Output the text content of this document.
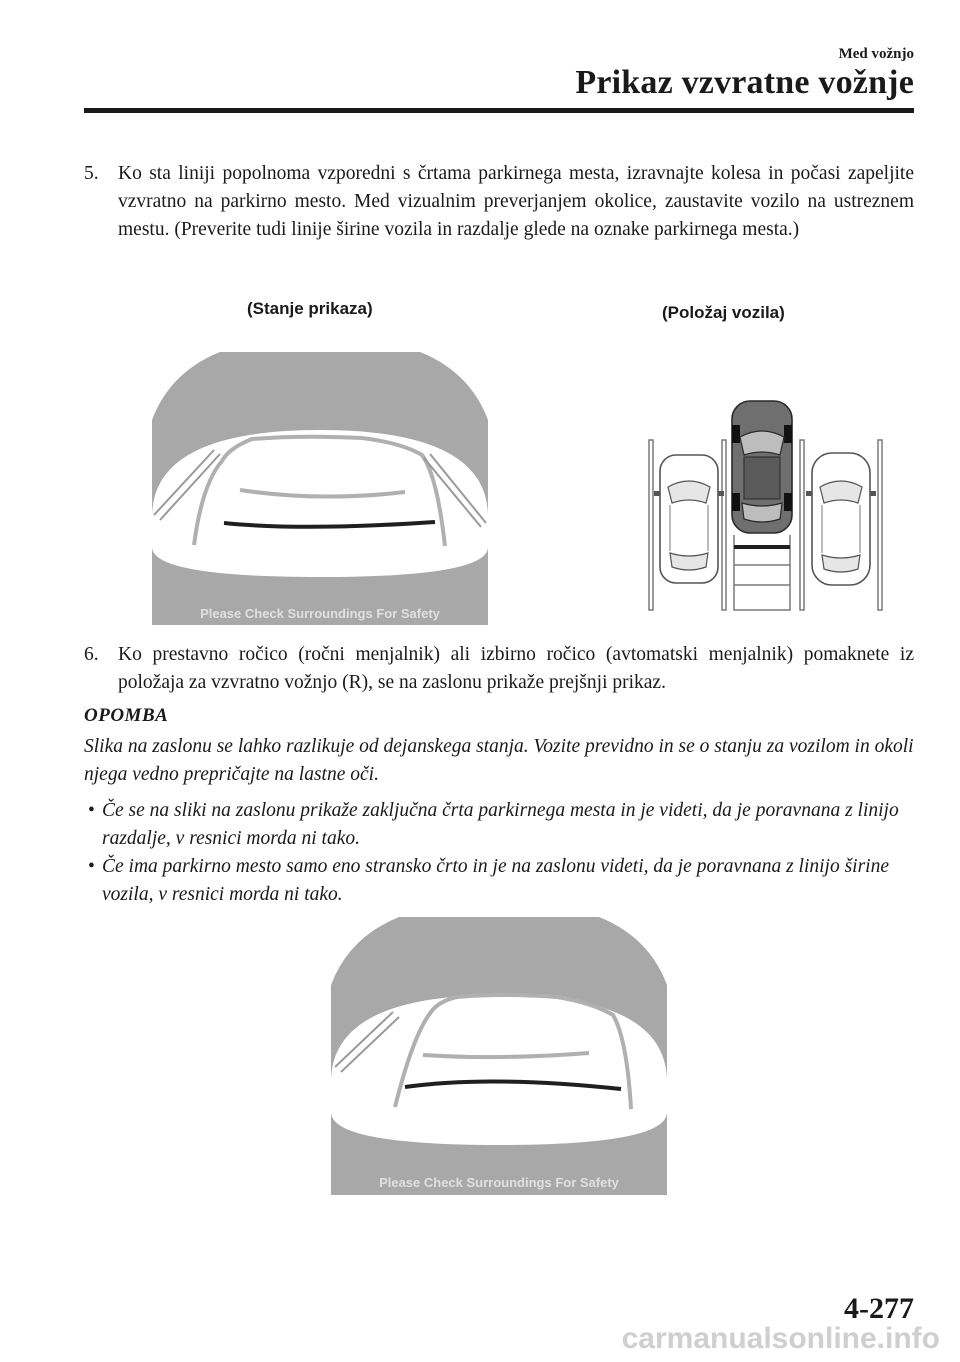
Med vožnjo
Prikaz vzvratne vožnje
5. Ko sta liniji popolnoma vzporedni s črtama parkirnega mesta, izravnajte kolesa in počasi zapeljite vzvratno na parkirno mesto. Med vizualnim preverjanjem okolice, zaustavite vozilo na ustreznem mestu. (Preverite tudi linije širine vozila in razdalje glede na oznake parkirnega mesta.)
(Stanje prikaza)	(Položaj vozila)
Please Check Surroundings For Safety
6. Ko prestavno ročico (ročni menjalnik) ali izbirno ročico (avtomatski menjalnik) pomaknete iz položaja za vzvratno vožnjo (R), se na zaslonu prikaže prejšnji prikaz.
OPOMBA
Slika na zaslonu se lahko razlikuje od dejanskega stanja. Vozite previdno in se o stanju za vozilom in okoli njega vedno prepričajte na lastne oči.
• Če se na sliki na zaslonu prikaže zaključna črta parkirnega mesta in je videti, da je poravnana z linijo razdalje, v resnici morda ni tako.
• Če ima parkirno mesto samo eno stransko črto in je na zaslonu videti, da je poravnana z linijo širine vozila, v resnici morda ni tako.
Please Check Surroundings For Safety
4-277
carmanualsonline.info
